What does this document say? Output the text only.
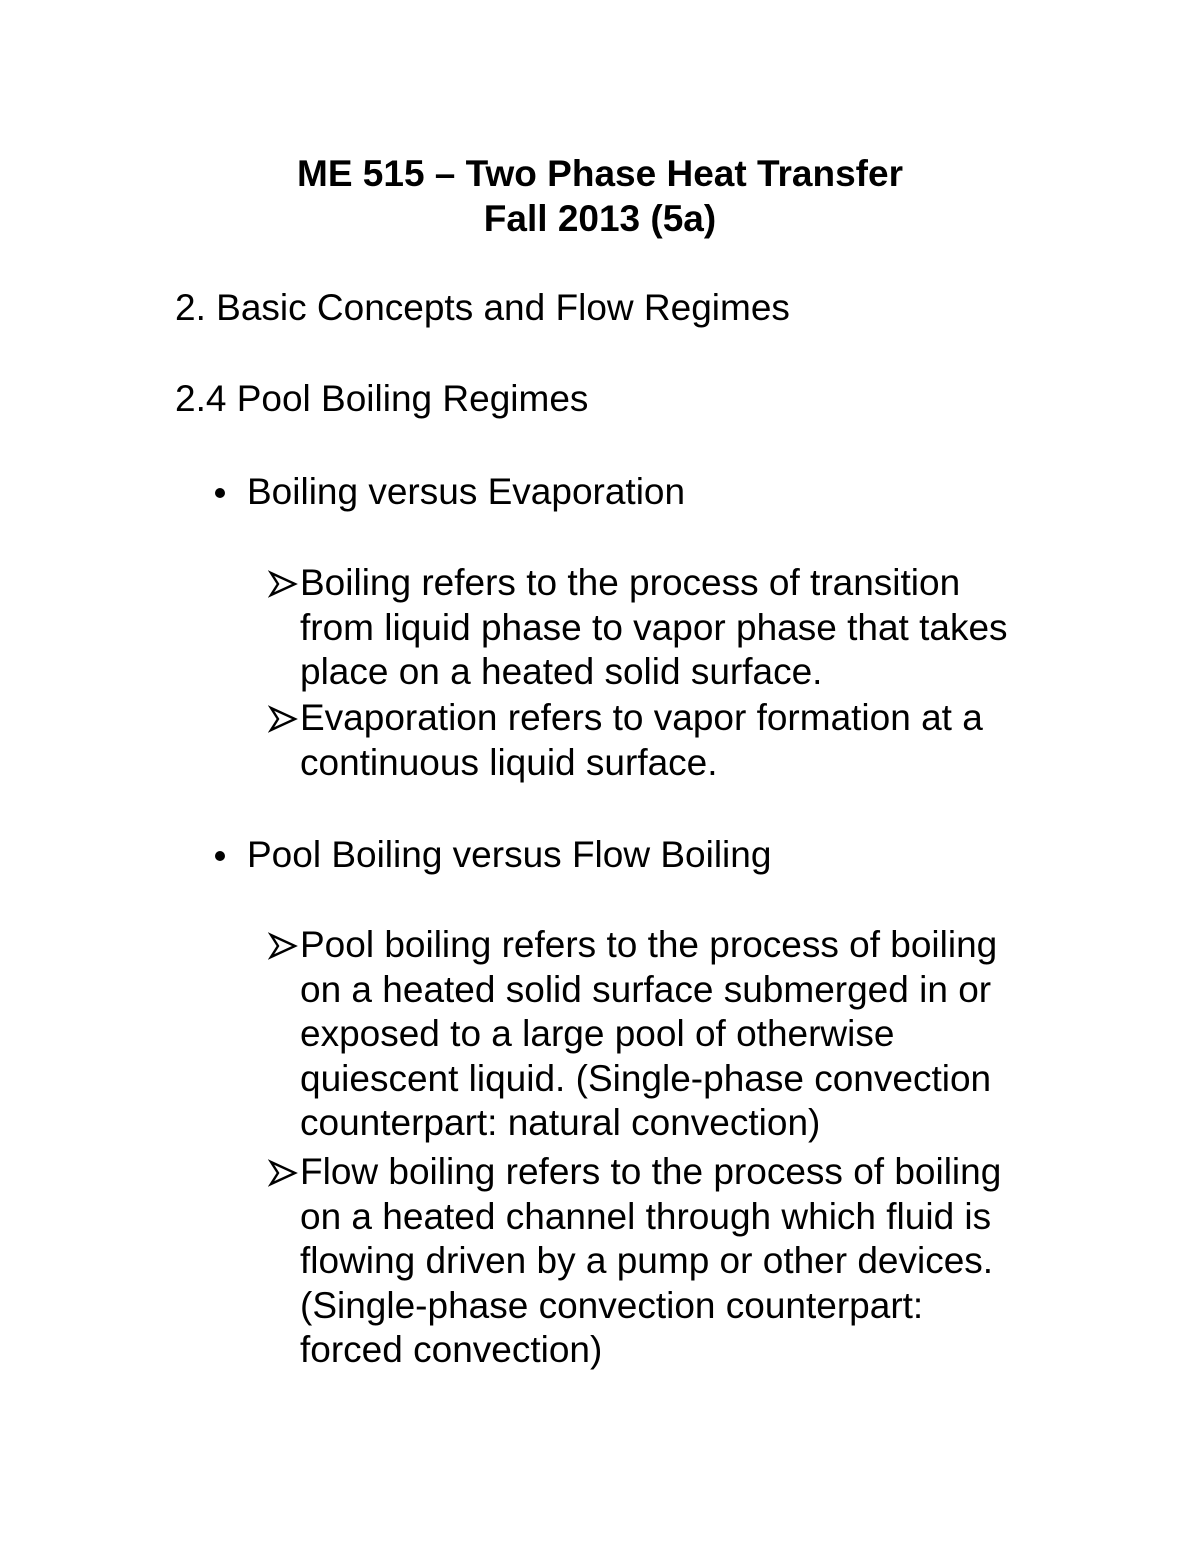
ME 515 – Two Phase Heat Transfer
Fall 2013 (5a)
2. Basic Concepts and Flow Regimes
2.4 Pool Boiling Regimes
Boiling versus Evaporation
Boiling refers to the process of transition
from liquid phase to vapor phase that takes
place on a heated solid surface.
Evaporation refers to vapor formation at a
continuous liquid surface.
Pool Boiling versus Flow Boiling
Pool boiling refers to the process of boiling
on a heated solid surface submerged in or
exposed to a large pool of otherwise
quiescent liquid. (Single-phase convection
counterpart: natural convection)
Flow boiling refers to the process of boiling
on a heated channel through which fluid is
flowing driven by a pump or other devices.
(Single-phase convection counterpart:
forced convection)
